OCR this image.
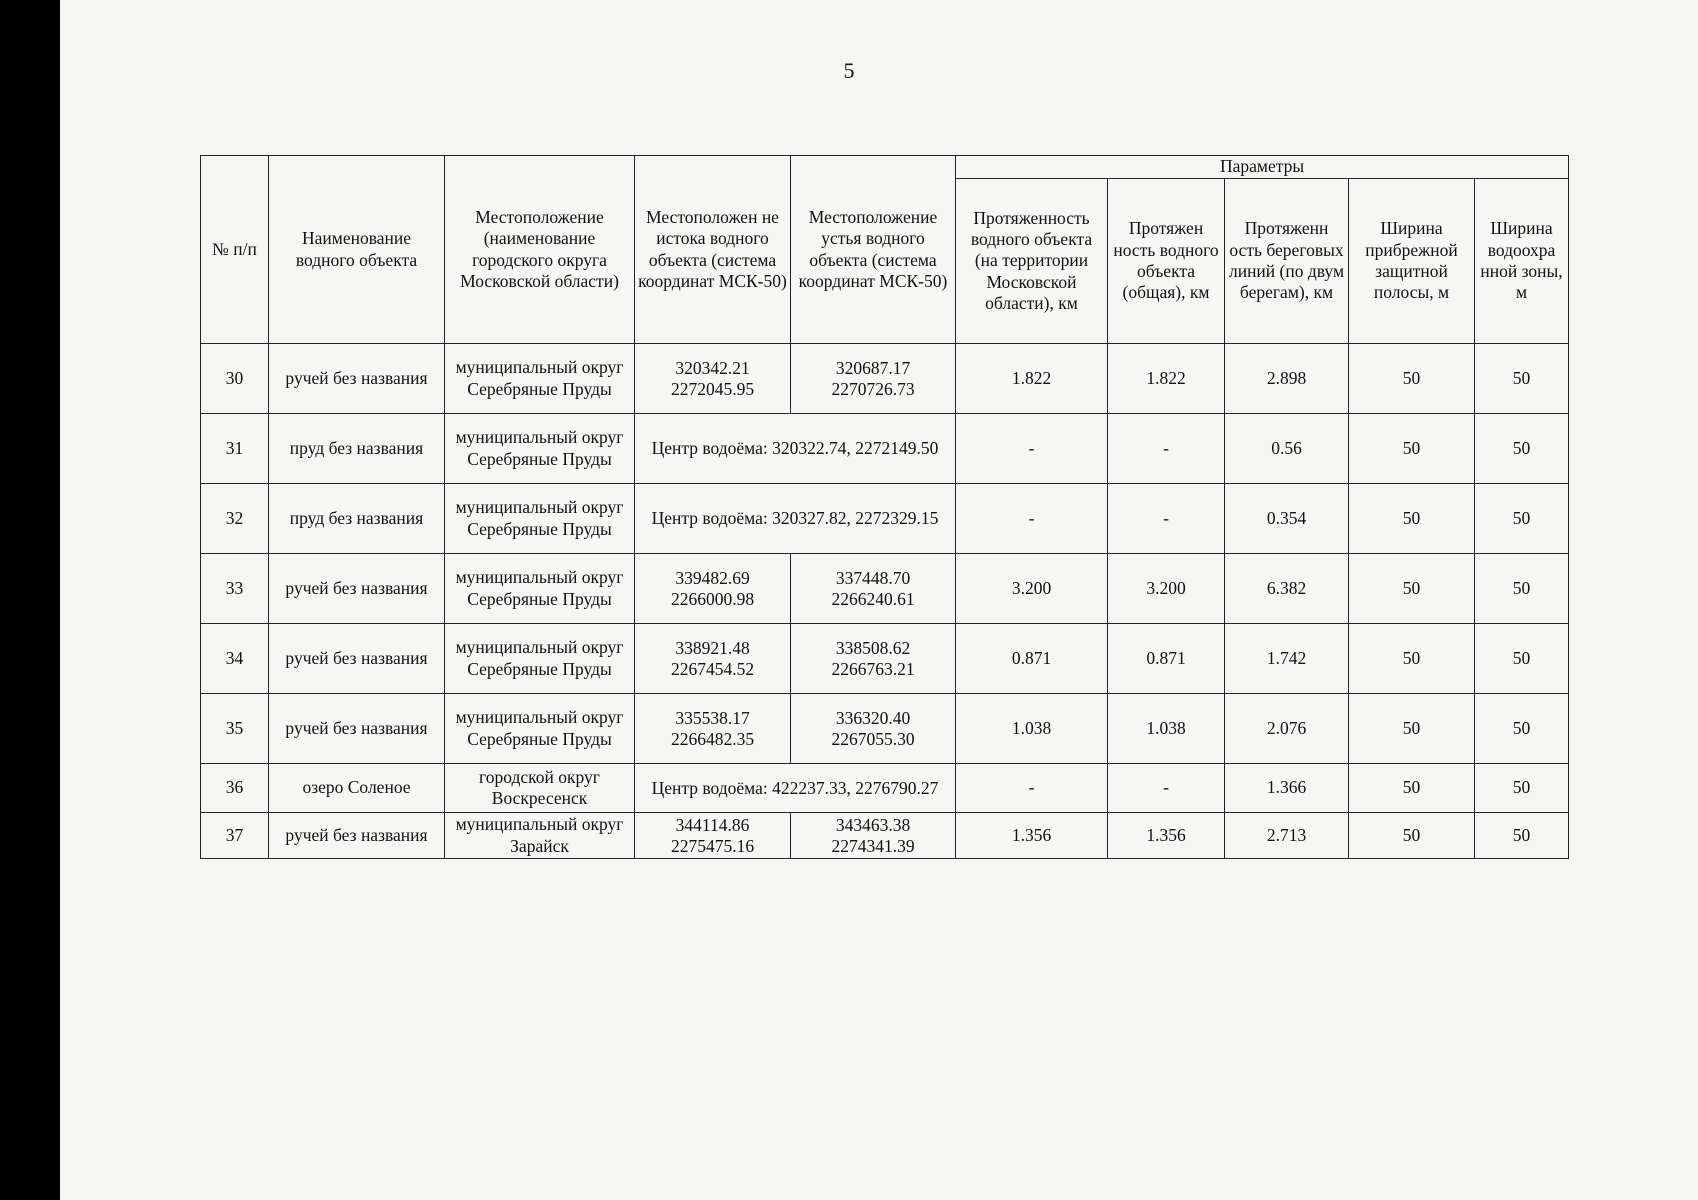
5
№ п/п	Наименование водного объекта	Местоположение (наименование городского округа Московской области)	Местоположен не истока водного объекта (система координат МСК-50)	Местоположение устья водного объекта (система координат МСК-50)	Параметры				
					Протяженность водного объекта (на территории Московской области), км	Протяжен ность водного объекта (общая), км	Протяженн ость береговых линий (по двум берегам), км	Ширина прибрежной защитной полосы, м	Ширина водоохра нной зоны, м
30	ручей без названия	муниципальный округ Серебряные Пруды	320342.21 2272045.95	320687.17 2270726.73	1.822	1.822	2.898	50	50
31	пруд без названия	муниципальный округ Серебряные Пруды	Центр водоёма: 320322.74, 2272149.50		-	-	0.56	50	50
32	пруд без названия	муниципальный округ Серебряные Пруды	Центр водоёма: 320327.82, 2272329.15		-	-	0.354	50	50
33	ручей без названия	муниципальный округ Серебряные Пруды	339482.69 2266000.98	337448.70 2266240.61	3.200	3.200	6.382	50	50
34	ручей без названия	муниципальный округ Серебряные Пруды	338921.48 2267454.52	338508.62 2266763.21	0.871	0.871	1.742	50	50
35	ручей без названия	муниципальный округ Серебряные Пруды	335538.17 2266482.35	336320.40 2267055.30	1.038	1.038	2.076	50	50
36	озеро Соленое	городской округ Воскресенск	Центр водоёма: 422237.33, 2276790.27		-	-	1.366	50	50
37	ручей без названия	муниципальный округ Зарайск	344114.86 2275475.16	343463.38 2274341.39	1.356	1.356	2.713	50	50
